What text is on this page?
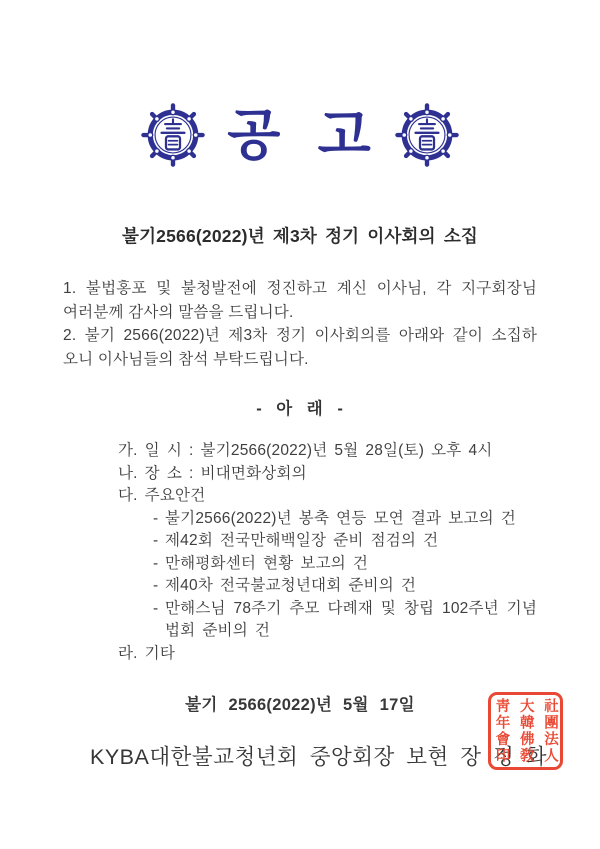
공 고
불기2566(2022)년 제3차 정기 이사회의 소집
1. 불법홍포 및 불청발전에 정진하고 계신 이사님, 각 지구회장님
여러분께 감사의 말씀을 드립니다.
2. 불기 2566(2022)년 제3차 정기 이사회의를 아래와 같이 소집하
오니 이사님들의 참석 부탁드립니다.
- 아 래 -
가. 일 시 : 불기2566(2022)년 5월 28일(토) 오후 4시
나. 장 소 : 비대면화상회의
다. 주요안건
- 불기2566(2022)년 봉축 연등 모연 결과 보고의 건
- 제42회 전국만해백일장 준비 점검의 건
- 만해평화센터 현황 보고의 건
- 제40차 전국불교청년대회 준비의 건
- 만해스님 78주기 추모 다례재 및 창립 102주년 기념
법회 준비의 건
라. 기타
불기 2566(2022)년 5월 17일
KYBA대한불교청년회 중앙회장 보현 장 정 화
社團法人
大韓佛敎
靑年會印
